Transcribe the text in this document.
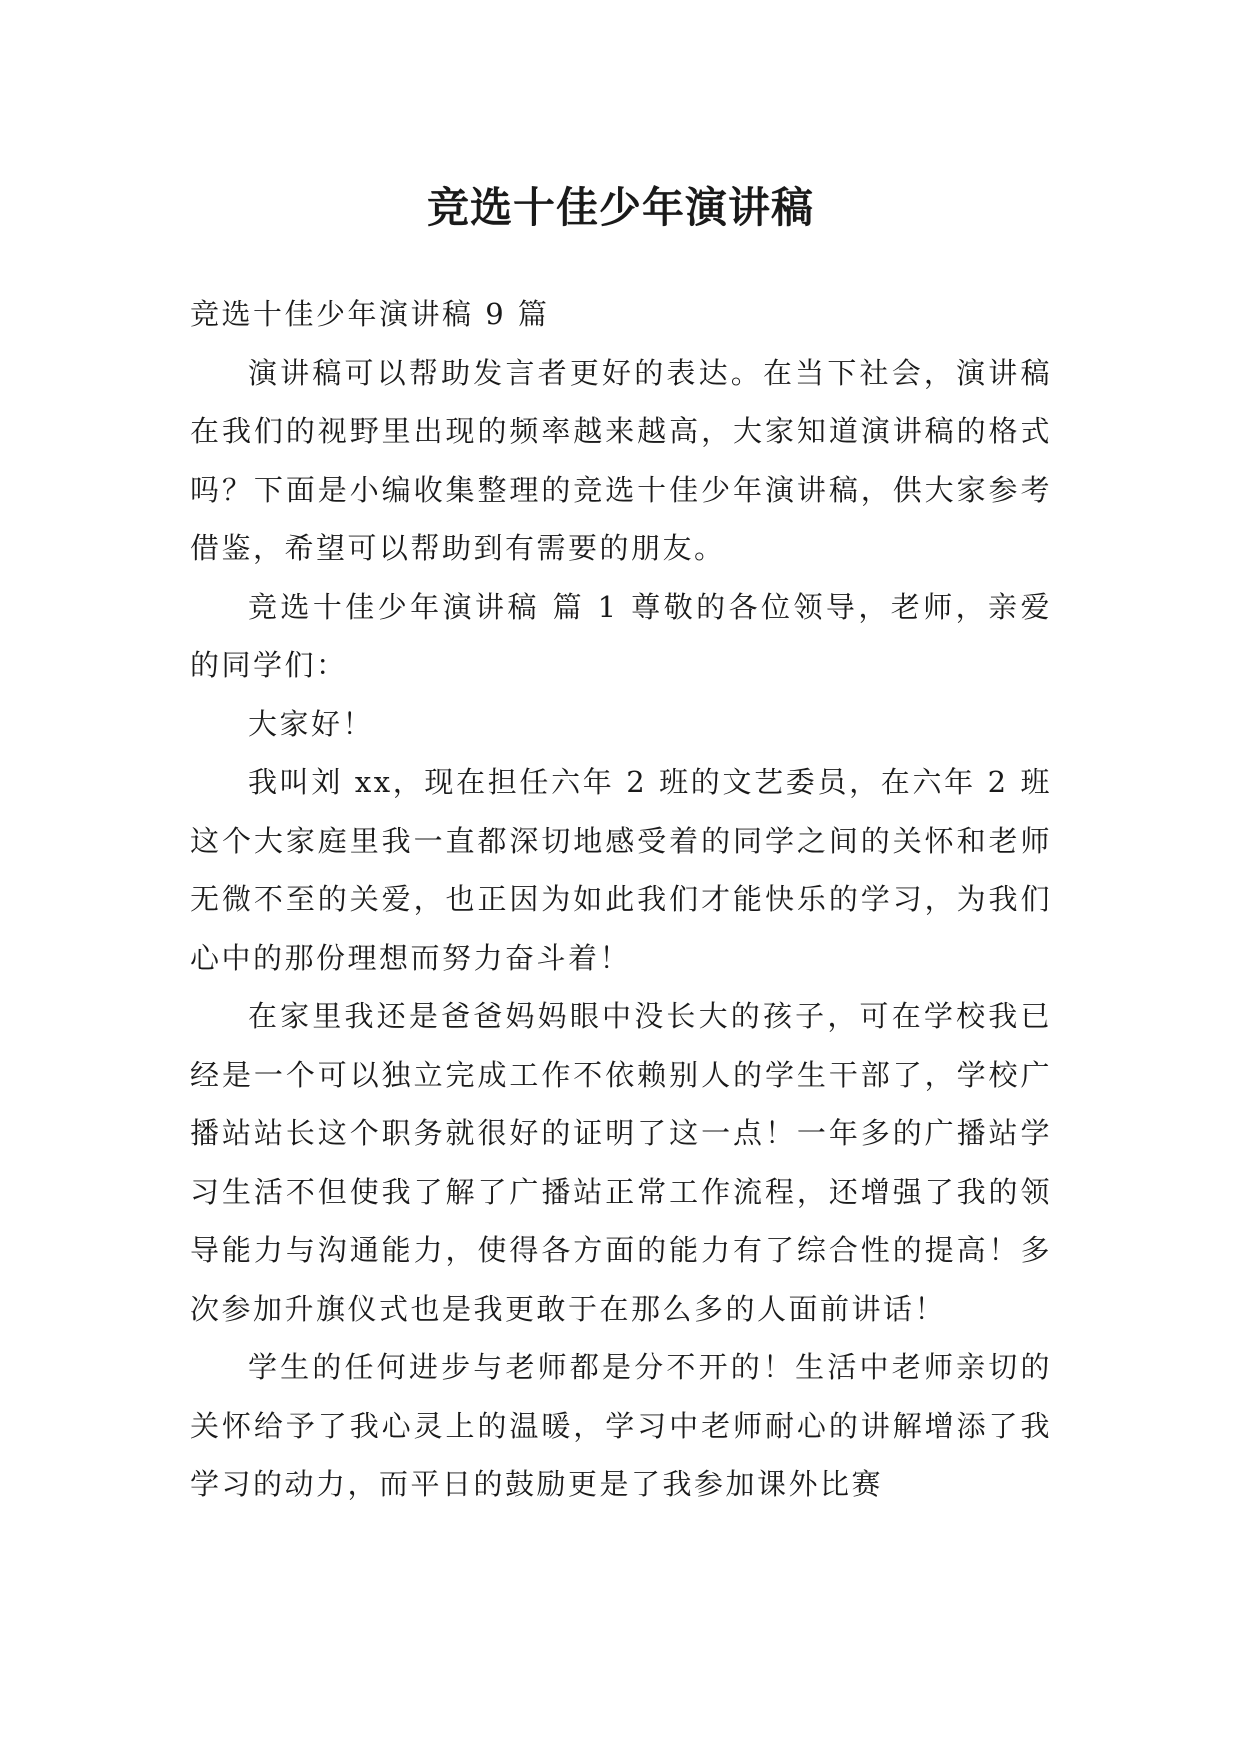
竞选十佳少年演讲稿

竞选十佳少年演讲稿 9 篇

演讲稿可以帮助发言者更好的表达。在当下社会，演讲稿在我们的视野里出现的频率越来越高，大家知道演讲稿的格式吗？下面是小编收集整理的竞选十佳少年演讲稿，供大家参考借鉴，希望可以帮助到有需要的朋友。

竞选十佳少年演讲稿 篇 1 尊敬的各位领导，老师，亲爱的同学们：

大家好！

我叫刘 xx，现在担任六年 2 班的文艺委员，在六年 2 班这个大家庭里我一直都深切地感受着的同学之间的关怀和老师无微不至的关爱，也正因为如此我们才能快乐的学习，为我们心中的那份理想而努力奋斗着！

在家里我还是爸爸妈妈眼中没长大的孩子，可在学校我已经是一个可以独立完成工作不依赖别人的学生干部了，学校广播站站长这个职务就很好的证明了这一点！一年多的广播站学习生活不但使我了解了广播站正常工作流程，还增强了我的领导能力与沟通能力，使得各方面的能力有了综合性的提高！多次参加升旗仪式也是我更敢于在那么多的人面前讲话！

学生的任何进步与老师都是分不开的！生活中老师亲切的关怀给予了我心灵上的温暖，学习中老师耐心的讲解增添了我学习的动力，而平日的鼓励更是了我参加课外比赛
